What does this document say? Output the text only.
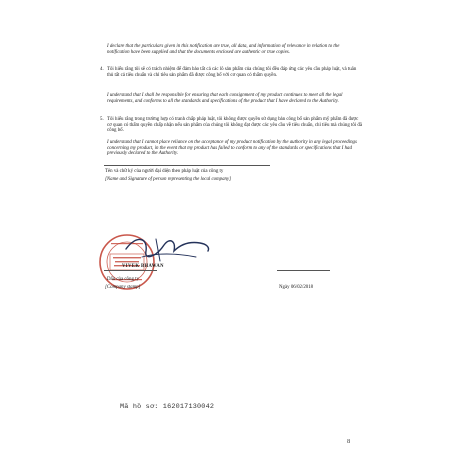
I declare that the particulars given in this notification are true, all data, and information of relevance in relation to the notification have been supplied and that the documents enclosed are authentic or true copies.

4. Tôi hiểu rằng tôi sẽ có trách nhiệm để đảm bảo tất cả các lô sản phẩm của chúng tôi đều đáp ứng các yêu cầu pháp luật, và tuân thủ tất cả tiêu chuẩn và chỉ tiêu sản phẩm đã được công bố với cơ quan có thẩm quyền.

I understand that I shall be responsible for ensuring that each consignment of my product continues to meet all the legal requirements, and conforms to all the standards and specifications of the product that I have declared to the Authority.

5. Tôi hiểu rằng trong trường hợp có tranh chấp pháp luật, tôi không được quyền sử dụng bản công bố sản phẩm mỹ phẩm đã được cơ quan có thẩm quyền chấp nhận nếu sản phẩm của chúng tôi không đạt được các yêu cầu về tiêu chuẩn, chỉ tiêu mà chúng tôi đã công bố.

I understand that I cannot place reliance on the acceptance of my product notification by the authority in any legal proceedings concerning my product, in the event that my product has failed to conform to any of the standards or specifications that I had previously declared to the Authority.

Tên và chữ ký của người đại diện theo pháp luật của công ty
[Name and Signature of person representing the local company]
VIVEK BHAWAN
Dấu của công ty
[Company stamp]	Ngày 06/02/2018
Mã hồ sơ: 162017130042
8
